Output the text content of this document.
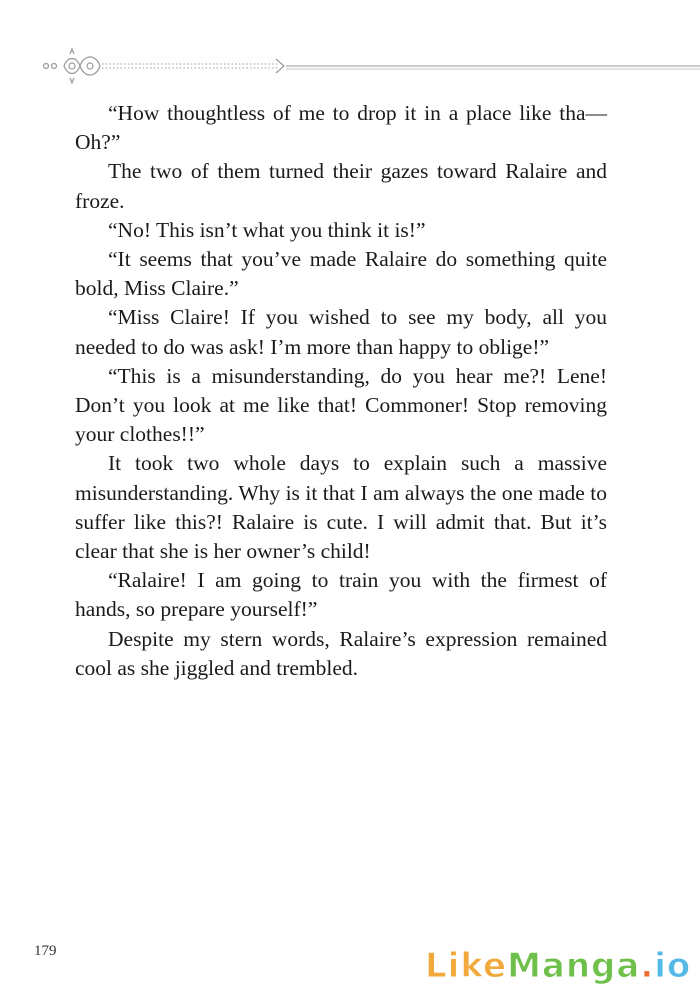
“How thoughtless of me to drop it in a place like tha—Oh?”

The two of them turned their gazes toward Ralaire and froze.

“No! This isn’t what you think it is!”

“It seems that you’ve made Ralaire do something quite bold, Miss Claire.”

“Miss Claire! If you wished to see my body, all you needed to do was ask! I’m more than happy to oblige!”

“This is a misunderstanding, do you hear me?! Lene! Don’t you look at me like that! Commoner! Stop removing your clothes!!”

It took two whole days to explain such a massive misunderstanding. Why is it that I am always the one made to suffer like this?! Ralaire is cute. I will admit that. But it’s clear that she is her owner’s child!

“Ralaire! I am going to train you with the firmest of hands, so prepare yourself!”

Despite my stern words, Ralaire’s expression remained cool as she jiggled and trembled.

179	LikeManga.io
